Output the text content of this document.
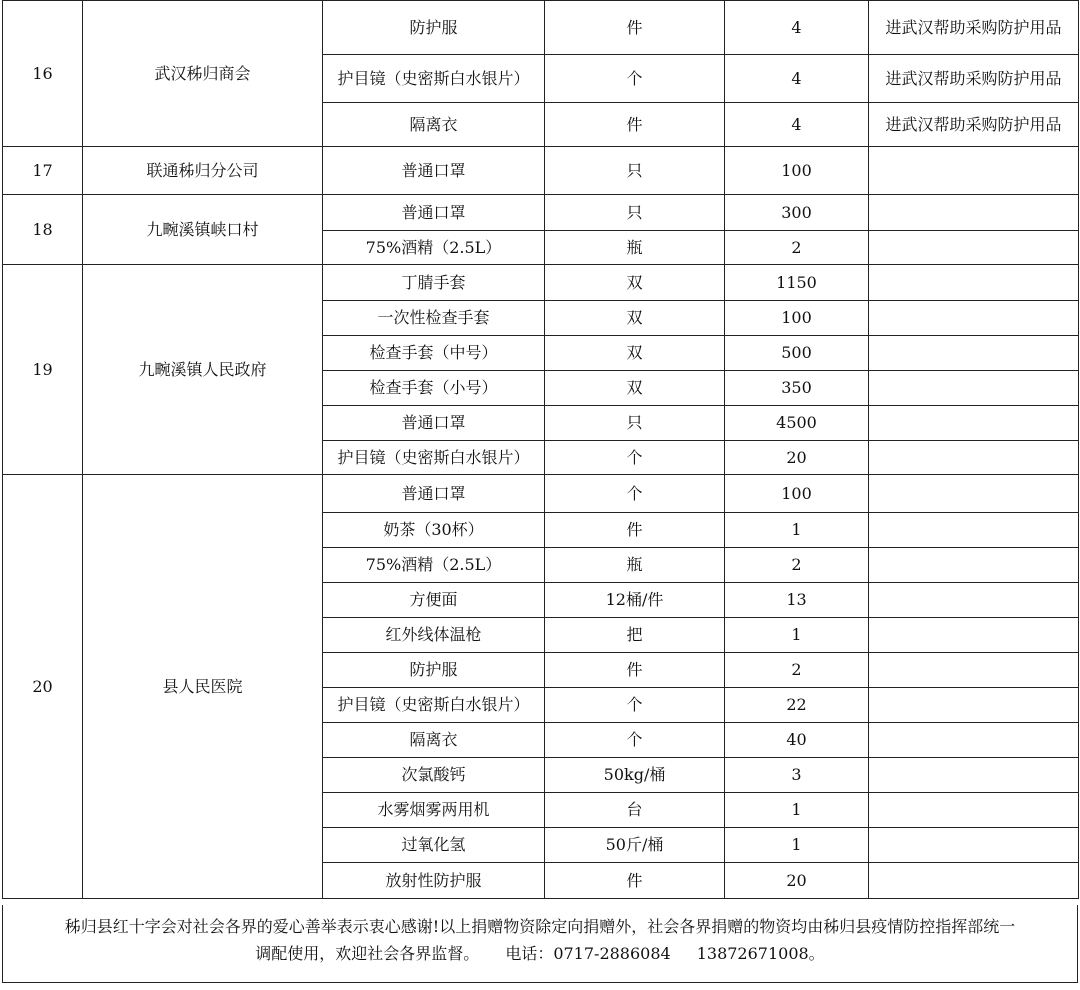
16	武汉秭归商会	防护服	件	4	进武汉帮助采购防护用品
		护目镜（史密斯白水银片）	个	4	进武汉帮助采购防护用品
		隔离衣	件	4	进武汉帮助采购防护用品
17	联通秭归分公司	普通口罩	只	100	
18	九畹溪镇峡口村	普通口罩	只	300	
		75%酒精（2.5L）	瓶	2	
19	九畹溪镇人民政府	丁腈手套	双	1150	
		一次性检查手套	双	100	
		检查手套（中号）	双	500	
		检查手套（小号）	双	350	
		普通口罩	只	4500	
		护目镜（史密斯白水银片）	个	20	
20	县人民医院	普通口罩	个	100	
		奶茶（30杯）	件	1	
		75%酒精（2.5L）	瓶	2	
		方便面	12桶/件	13	
		红外线体温枪	把	1	
		防护服	件	2	
		护目镜（史密斯白水银片）	个	22	
		隔离衣	个	40	
		次氯酸钙	50kg/桶	3	
		水雾烟雾两用机	台	1	
		过氧化氢	50斤/桶	1	
		放射性防护服	件	20	
秭归县红十字会对社会各界的爱心善举表示衷心感谢!以上捐赠物资除定向捐赠外，社会各界捐赠的物资均由秭归县疫情防控指挥部统一
调配使用，欢迎社会各界监督。 电话：0717-2886084 13872671008。
